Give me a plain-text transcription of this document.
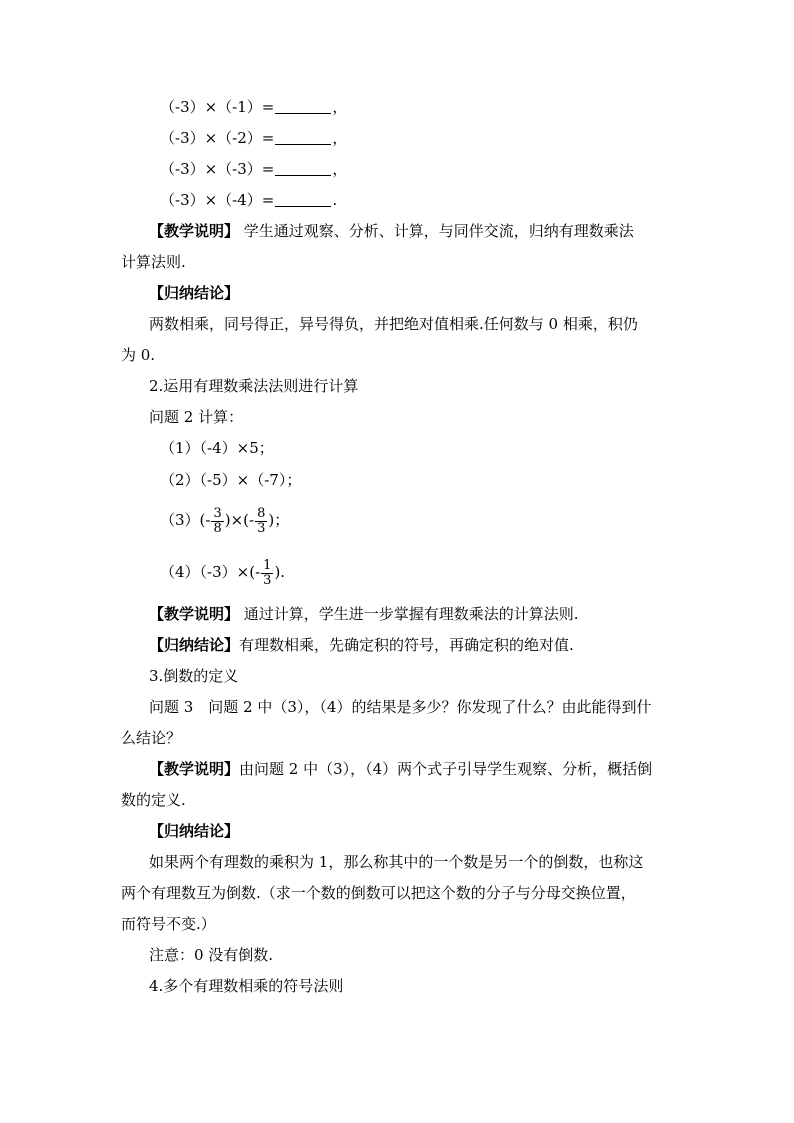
（-3）×（-1）=	，
（-3）×（-2）=	，
（-3）×（-3）=	，
（-3）×（-4）=	.
【教学说明】 学生通过观察、分析、计算，与同伴交流，归纳有理数乘法
计算法则.
【归纳结论】
两数相乘，同号得正，异号得负，并把绝对值相乘.任何数与 0 相乘，积仍
为 0.
2.运用有理数乘法法则进行计算
问题 2 计算：
（1）（-4）×5；
（2）（-5）×（-7）；
$(3)(- \frac{3}{8}$ )×(- $\frac{8}{3}$ )；
$(4)(-3)\times(- \frac{1}{3}$ ).
【教学说明】 通过计算，学生进一步掌握有理数乘法的计算法则.
【归纳结论】有理数相乘，先确定积的符号，再确定积的绝对值.
3.倒数的定义
问题 3　问题 2 中（3），（4）的结果是多少？你发现了什么？由此能得到什
么结论？
【教学说明】由问题 2 中（3），（4）两个式子引导学生观察、分析，概括倒
数的定义.
【归纳结论】
如果两个有理数的乘积为 1，那么称其中的一个数是另一个的倒数，也称这
两个有理数互为倒数.（求一个数的倒数可以把这个数的分子与分母交换位置，
而符号不变.）
注意：0 没有倒数.
4.多个有理数相乘的符号法则
